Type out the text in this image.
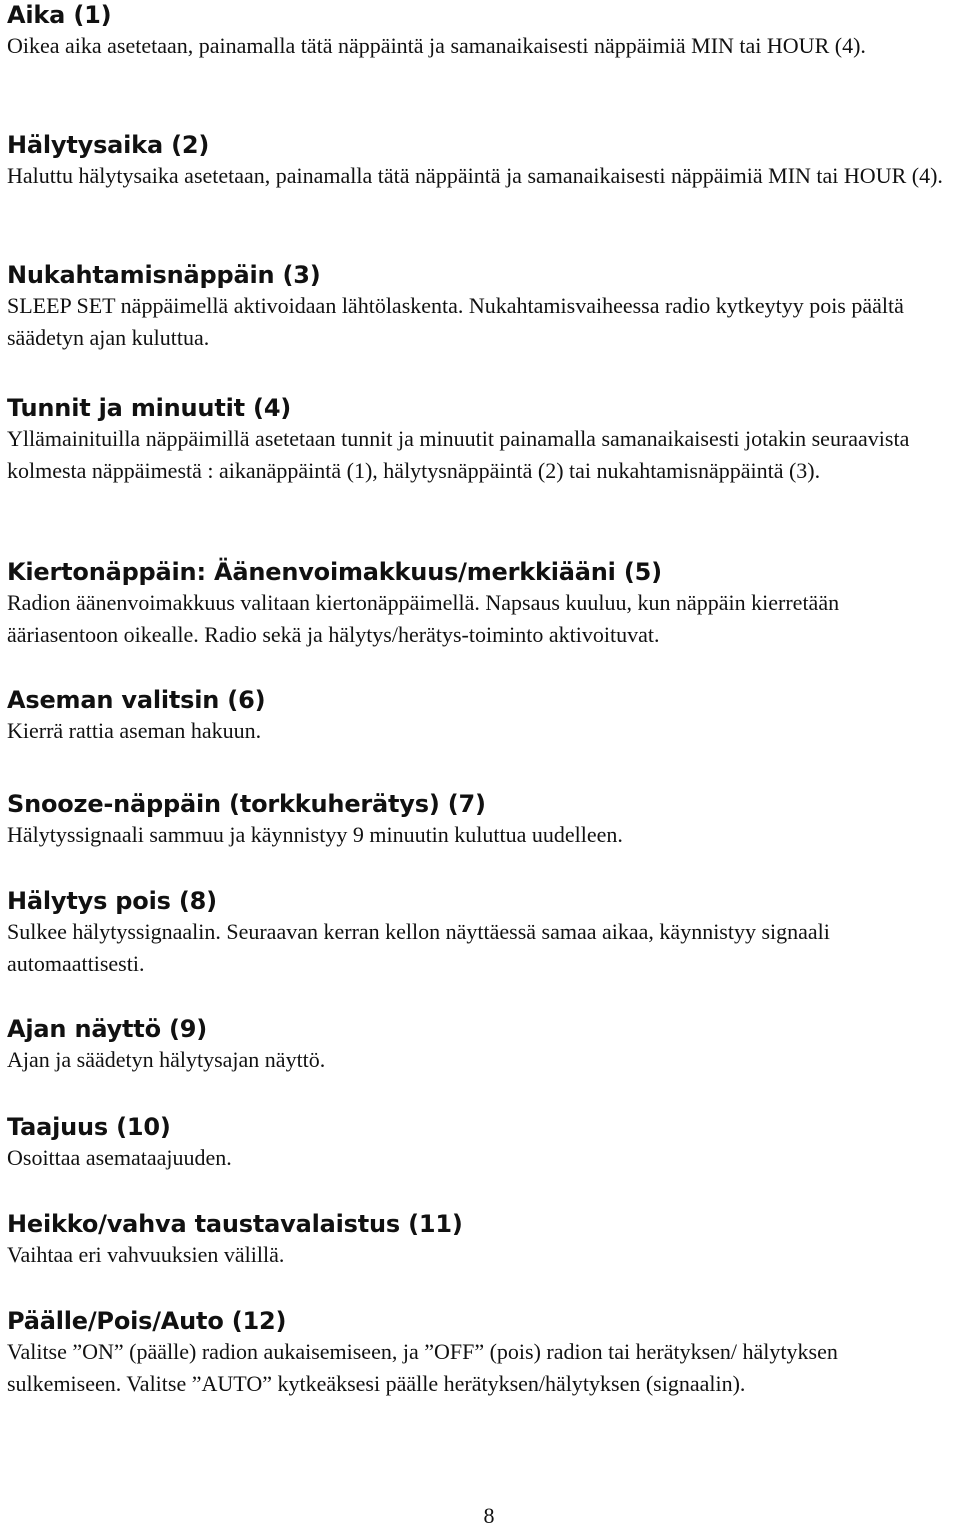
Aika (1)

Oikea aika asetetaan, painamalla tätä näppäintä ja samanaikaisesti näppäimiä MIN tai HOUR (4).

Hälytysaika (2)

Haluttu hälytysaika asetetaan, painamalla tätä näppäintä ja samanaikaisesti näppäimiä MIN tai HOUR (4).

Nukahtamisnäppäin (3)

SLEEP SET näppäimellä aktivoidaan lähtölaskenta. Nukahtamisvaiheessa radio kytkeytyy pois päältä säädetyn ajan kuluttua.

Tunnit ja minuutit (4)

Yllämainituilla näppäimillä asetetaan tunnit ja minuutit painamalla samanaikaisesti jotakin seuraavista kolmesta näppäimestä : aikanäppäintä (1), hälytysnäppäintä (2) tai nukahtamisnäppäintä (3).

Kiertonäppäin: Äänenvoimakkuus/merkkiääni (5)

Radion äänenvoimakkuus valitaan kiertonäppäimellä. Napsaus kuuluu, kun näppäin kierretään ääriasentoon oikealle. Radio sekä ja hälytys/herätys-toiminto aktivoituvat.

Aseman valitsin (6)

Kierrä rattia aseman hakuun.

Snooze-näppäin (torkkuherätys) (7)

Hälytyssignaali sammuu ja käynnistyy 9 minuutin kuluttua uudelleen.

Hälytys pois (8)

Sulkee hälytyssignaalin. Seuraavan kerran kellon näyttäessä samaa aikaa, käynnistyy signaali automaattisesti.

Ajan näyttö (9)

Ajan ja säädetyn hälytysajan näyttö.

Taajuus (10)

Osoittaa asemataajuuden.

Heikko/vahva taustavalaistus (11)

Vaihtaa eri vahvuuksien välillä.

Päälle/Pois/Auto (12)

Valitse ”ON” (päälle) radion aukaisemiseen, ja ”OFF” (pois) radion tai herätyksen/ hälytyksen sulkemiseen. Valitse ”AUTO” kytkeäksesi päälle herätyksen/hälytyksen (signaalin).

8
